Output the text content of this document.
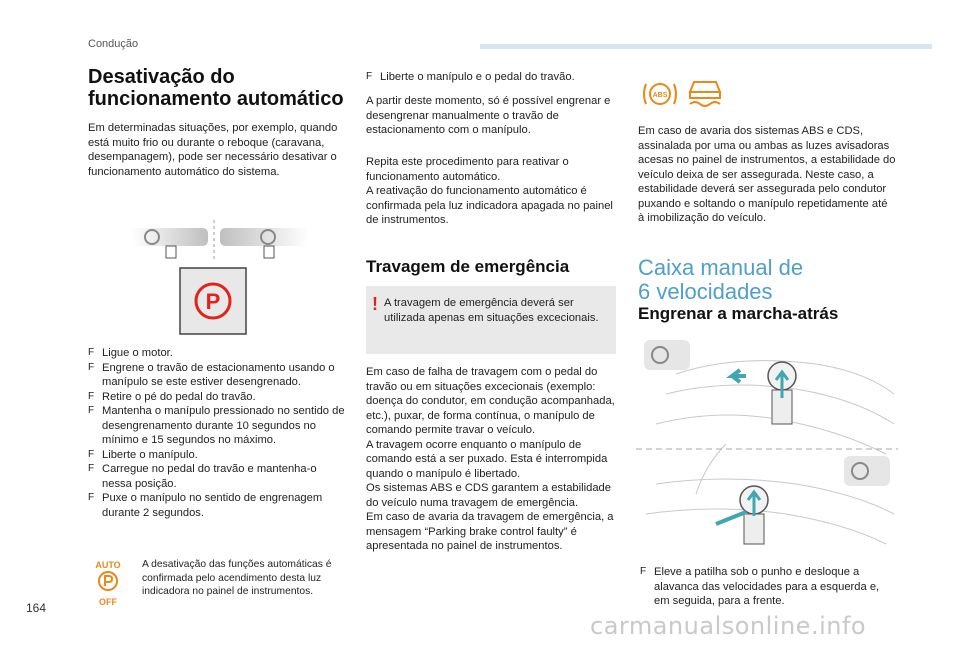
Condução
Desativação do
funcionamento automático

Em determinadas situações, por exemplo, quando está muito frio ou durante o reboque (caravana, desempanagem), pode ser necessário desativar o funcionamento automático do sistema.

P
F Ligue o motor.
F Engrene o travão de estacionamento usando o manípulo se este estiver desengrenado.
F Retire o pé do pedal do travão.
F Mantenha o manípulo pressionado no sentido de desengrenamento durante 10 segundos no mínimo e 15 segundos no máximo.
F Liberte o manípulo.
F Carregue no pedal do travão e mantenha-o nessa posição.
F Puxe o manípulo no sentido de engrenagem durante 2 segundos.
AUTO
OFF

A desativação das funções automáticas é confirmada pelo acendimento desta luz indicadora no painel de instrumentos.

F Liberte o manípulo e o pedal do travão.

A partir deste momento, só é possível engrenar e desengrenar manualmente o travão de estacionamento com o manípulo.

Repita este procedimento para reativar o funcionamento automático.
A reativação do funcionamento automático é confirmada pela luz indicadora apagada no painel de instrumentos.

Travagem de emergência
! A travagem de emergência deverá ser utilizada apenas em situações excecionais.

Em caso de falha de travagem com o pedal do travão ou em situações excecionais (exemplo: doença do condutor, em condução acompanhada, etc.), puxar, de forma contínua, o manípulo de comando permite travar o veículo.
A travagem ocorre enquanto o manípulo de comando está a ser puxado. Esta é interrompida quando o manípulo é libertado.
Os sistemas ABS e CDS garantem a estabilidade do veículo numa travagem de emergência.
Em caso de avaria da travagem de emergência, a mensagem “Parking brake control faulty” é apresentada no painel de instrumentos.

ABS

Em caso de avaria dos sistemas ABS e CDS, assinalada por uma ou ambas as luzes avisadoras acesas no painel de instrumentos, a estabilidade do veículo deixa de ser assegurada. Neste caso, a estabilidade deverá ser assegurada pelo condutor puxando e soltando o manípulo repetidamente até à imobilização do veículo.

Caixa manual de
6 velocidades
Engrenar a marcha-atrás
F Eleve a patilha sob o punho e desloque a alavanca das velocidades para a esquerda e, em seguida, para a frente.
164
carmanualsonline.info
